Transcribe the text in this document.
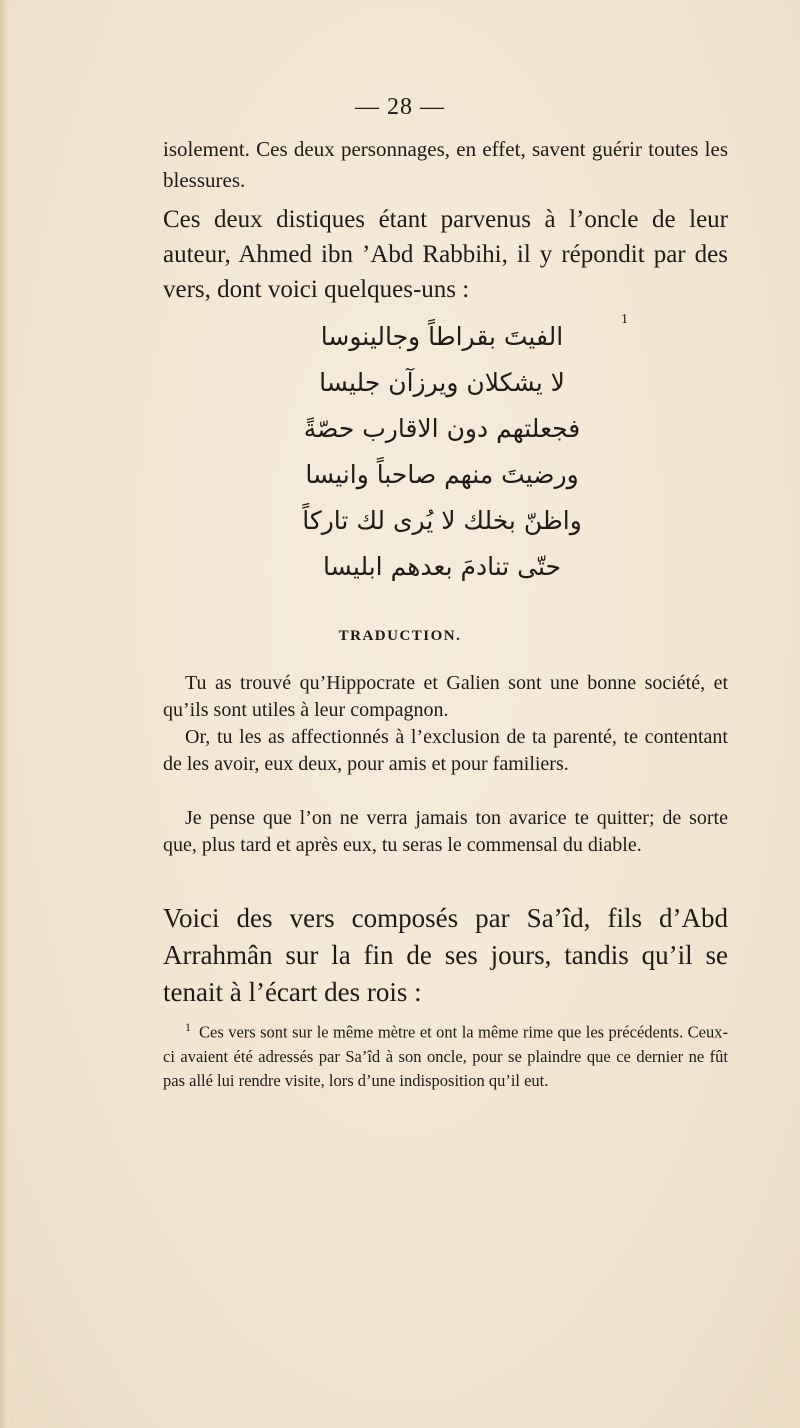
— 28 —

isolement. Ces deux personnages, en effet, savent guérir toutes les blessures.

Ces deux distiques étant parvenus à l’oncle de leur auteur, Ahmed ibn ’Abd Rabbihi, il y répondit par des vers, dont voici quelques-uns :

1
الفيتَ بقراطاً وجالينوسا
لا يشكلان ويرزآن جليسا
فجعلتهم دون الاقارب حصّةً
ورضيتَ منهم صاحباً وانيسا
واظنّ بخلك لا يُرى لك تاركاً
حتّى تنادمَ بعدهم ابليسا
TRADUCTION.

Tu as trouvé qu’Hippocrate et Galien sont une bonne société, et qu’ils sont utiles à leur compagnon.

Or, tu les as affectionnés à l’exclusion de ta parenté, te contentant de les avoir, eux deux, pour amis et pour familiers.

Je pense que l’on ne verra jamais ton avarice te quitter; de sorte que, plus tard et après eux, tu seras le commensal du diable.

Voici des vers composés par Sa’îd, fils d’Abd Arrahmân sur la fin de ses jours, tandis qu’il se tenait à l’écart des rois :

$^1$ Ces vers sont sur le même mètre et ont la même rime que les précédents. Ceux-ci avaient été adressés par Sa’îd à son oncle, pour se plaindre que ce dernier ne fût pas allé lui rendre visite, lors d’une indisposition qu’il eut.
